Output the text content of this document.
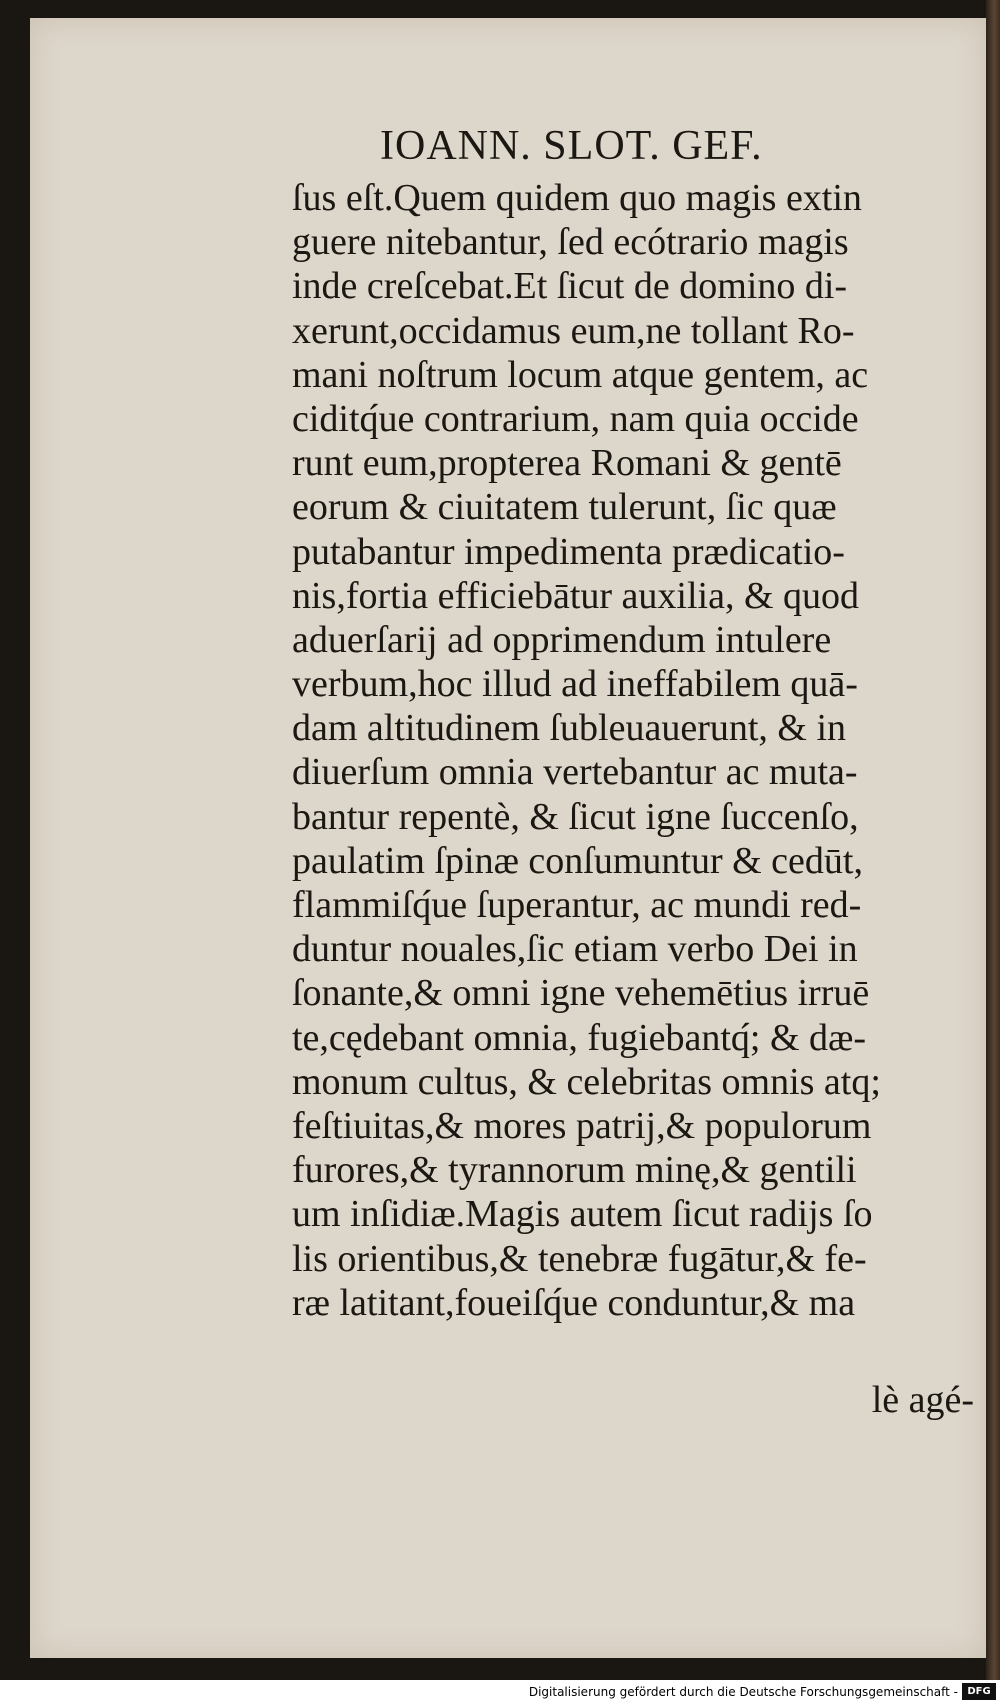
IOANN. SLOT. GEF.
ſus eſt.Quem quidem quo magis extin
guere nitebantur, ſed ecótrario magis
inde creſcebat.Et ſicut de domino di-
xerunt,occidamus eum,ne tollant Ro-
mani noſtrum locum atque gentem, ac
ciditq́ue contrarium, nam quia occide
runt eum,propterea Romani & gentē
eorum & ciuitatem tulerunt, ſic quæ
putabantur impedimenta prædicatio-
nis,fortia efficiebātur auxilia, & quod
aduerſarij ad opprimendum intulere
verbum,hoc illud ad ineffabilem quā-
dam altitudinem ſubleuauerunt, & in
diuerſum omnia vertebantur ac muta-
bantur repentè, & ſicut igne ſuccenſo,
paulatim ſpinæ conſumuntur & cedūt,
flammiſq́ue ſuperantur, ac mundi red-
duntur nouales,ſic etiam verbo Dei in
ſonante,& omni igne vehemētius irruē
te,cędebant omnia, fugiebantq́; & dæ-
monum cultus, & celebritas omnis atq;
feſtiuitas,& mores patrij,& populorum
furores,& tyrannorum minę,& gentili
um inſidiæ.Magis autem ſicut radijs ſo
lis orientibus,& tenebræ fugātur,& fe-
ræ latitant,foueiſq́ue conduntur,& ma
lè agé-
Digitalisierung gefördert durch die Deutsche Forschungsgemeinschaft - DFG
